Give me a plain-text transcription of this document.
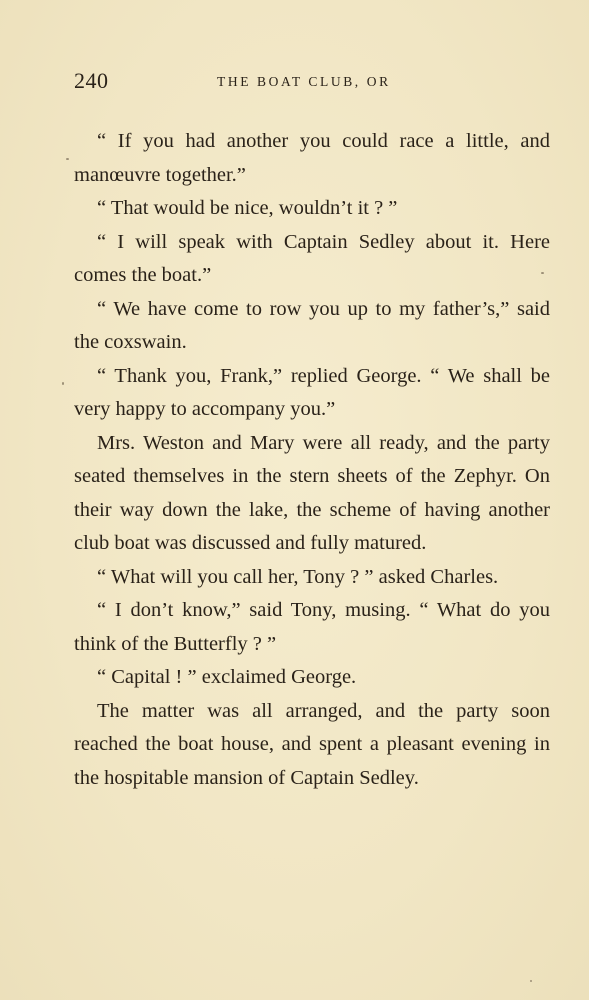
240	THE BOAT CLUB, OR

“ If you had another you could race a little, and manœuvre together.”

“ That would be nice, wouldn’t it ? ”

“ I will speak with Captain Sedley about it. Here comes the boat.”

“ We have come to row you up to my father’s,” said the coxswain.

“ Thank you, Frank,” replied George. “ We shall be very happy to accompany you.”

Mrs. Weston and Mary were all ready, and the party seated themselves in the stern sheets of the Zephyr. On their way down the lake, the scheme of having another club boat was discussed and fully matured.

“ What will you call her, Tony ? ” asked Charles.

“ I don’t know,” said Tony, musing. “ What do you think of the Butterfly ? ”

“ Capital ! ” exclaimed George.

The matter was all arranged, and the party soon reached the boat house, and spent a pleasant evening in the hospitable mansion of Captain Sedley.
